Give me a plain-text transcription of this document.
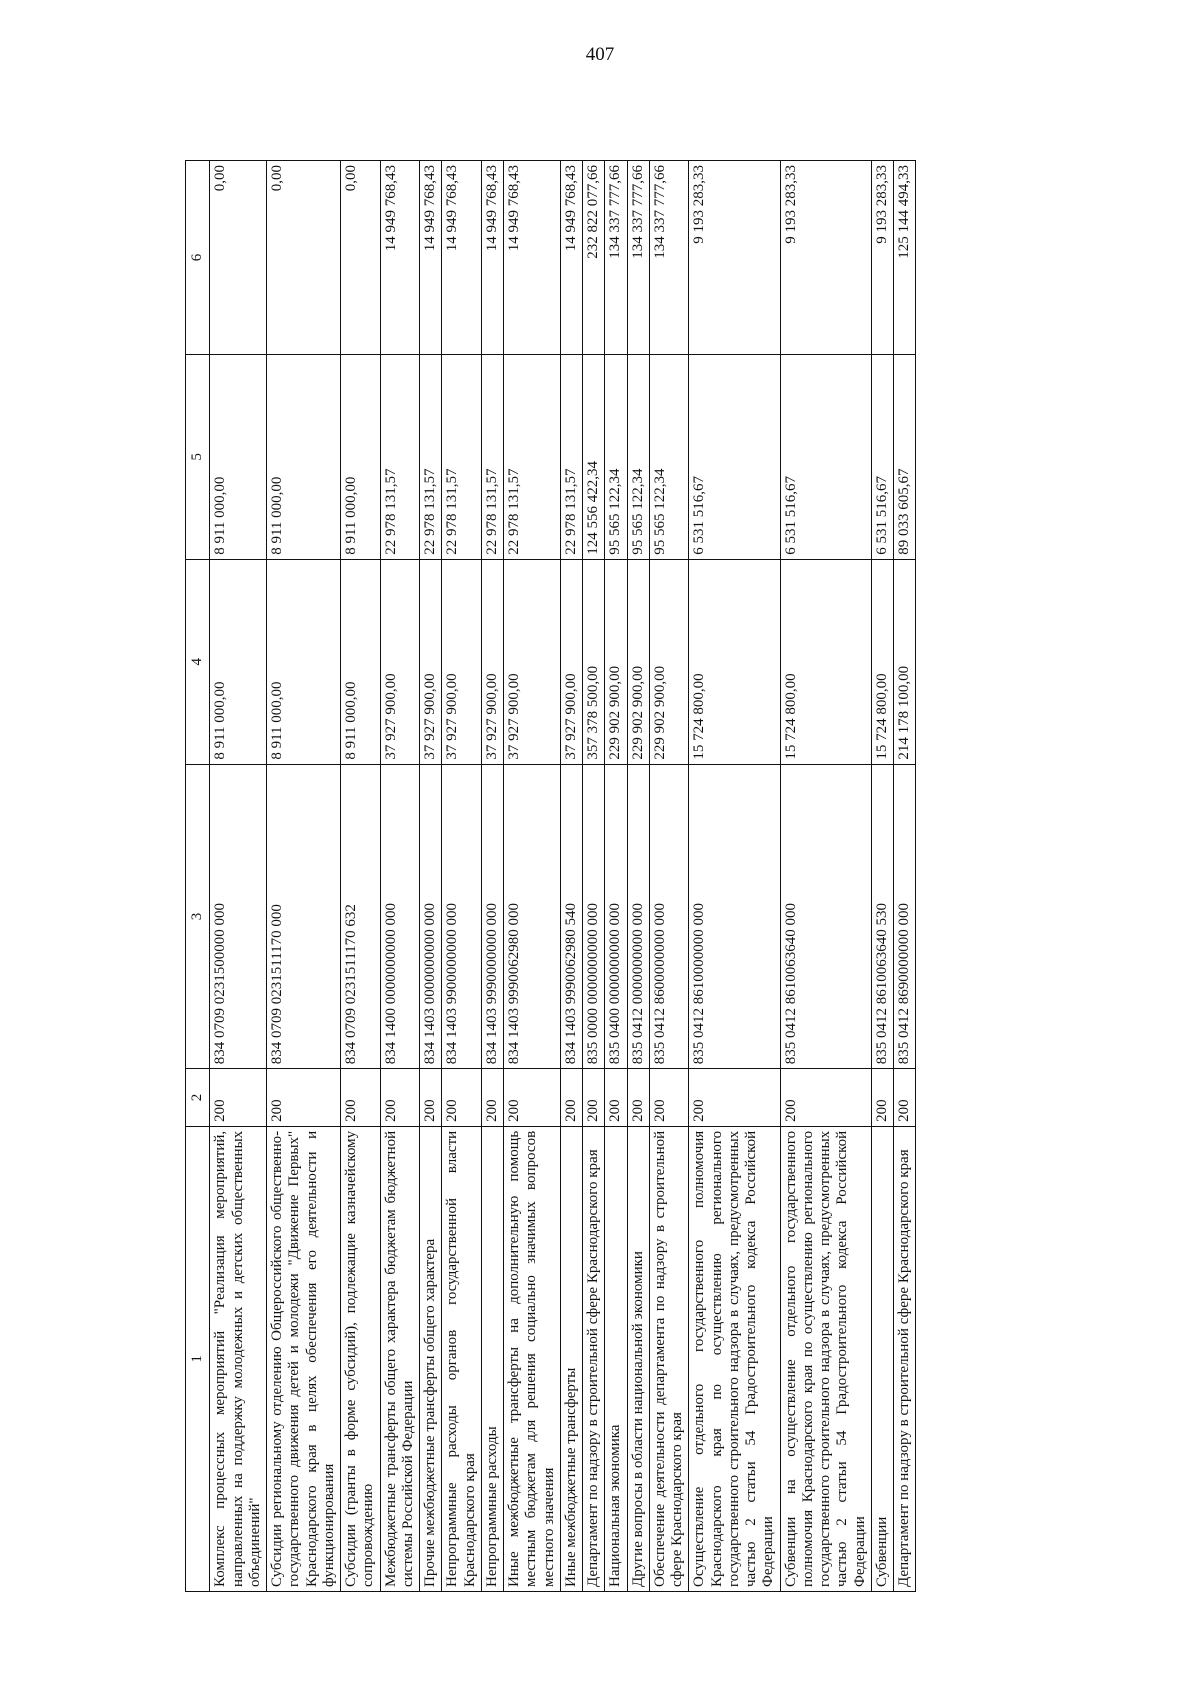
407
1	2	3	4	5	6
Комплекс процессных мероприятий "Реализация мероприятий, направленных на поддержку молодежных и детских общественных объединений"	200	834 0709 0231500000 000	8 911 000,00	8 911 000,00	0,00
Субсидии региональному отделению Общероссийского общественно-государственного движения детей и молодежи "Движение Первых" Краснодарского края в целях обеспечения его деятельности и функционирования	200	834 0709 0231511170 000	8 911 000,00	8 911 000,00	0,00
Субсидии (гранты в форме субсидий), подлежащие казначейскому сопровождению	200	834 0709 0231511170 632	8 911 000,00	8 911 000,00	0,00
Межбюджетные трансферты общего характера бюджетам бюджетной системы Российской Федерации	200	834 1400 0000000000 000	37 927 900,00	22 978 131,57	14 949 768,43
Прочие межбюджетные трансферты общего характера	200	834 1403 0000000000 000	37 927 900,00	22 978 131,57	14 949 768,43
Непрограммные расходы органов государственной власти Краснодарского края	200	834 1403 9900000000 000	37 927 900,00	22 978 131,57	14 949 768,43
Непрограммные расходы	200	834 1403 9990000000 000	37 927 900,00	22 978 131,57	14 949 768,43
Иные межбюджетные трансферты на дополнительную помощь местным бюджетам для решения социально значимых вопросов местного значения	200	834 1403 9990062980 000	37 927 900,00	22 978 131,57	14 949 768,43
Иные межбюджетные трансферты	200	834 1403 9990062980 540	37 927 900,00	22 978 131,57	14 949 768,43
Департамент по надзору в строительной сфере Краснодарского края	200	835 0000 0000000000 000	357 378 500,00	124 556 422,34	232 822 077,66
Национальная экономика	200	835 0400 0000000000 000	229 902 900,00	95 565 122,34	134 337 777,66
Другие вопросы в области национальной экономики	200	835 0412 0000000000 000	229 902 900,00	95 565 122,34	134 337 777,66
Обеспечение деятельности департамента по надзору в строительной сфере Краснодарского края	200	835 0412 8600000000 000	229 902 900,00	95 565 122,34	134 337 777,66
Осуществление отдельного государственного полномочия Краснодарского края по осуществлению регионального государственного строительного надзора в случаях, предусмотренных частью 2 статьи 54 Градостроительного кодекса Российской Федерации	200	835 0412 8610000000 000	15 724 800,00	6 531 516,67	9 193 283,33
Субвенции на осуществление отдельного государственного полномочия Краснодарского края по осуществлению регионального государственного строительного надзора в случаях, предусмотренных частью 2 статьи 54 Градостроительного кодекса Российской Федерации	200	835 0412 8610063640 000	15 724 800,00	6 531 516,67	9 193 283,33
Субвенции	200	835 0412 8610063640 530	15 724 800,00	6 531 516,67	9 193 283,33
Департамент по надзору в строительной сфере Краснодарского края	200	835 0412 8690000000 000	214 178 100,00	89 033 605,67	125 144 494,33
